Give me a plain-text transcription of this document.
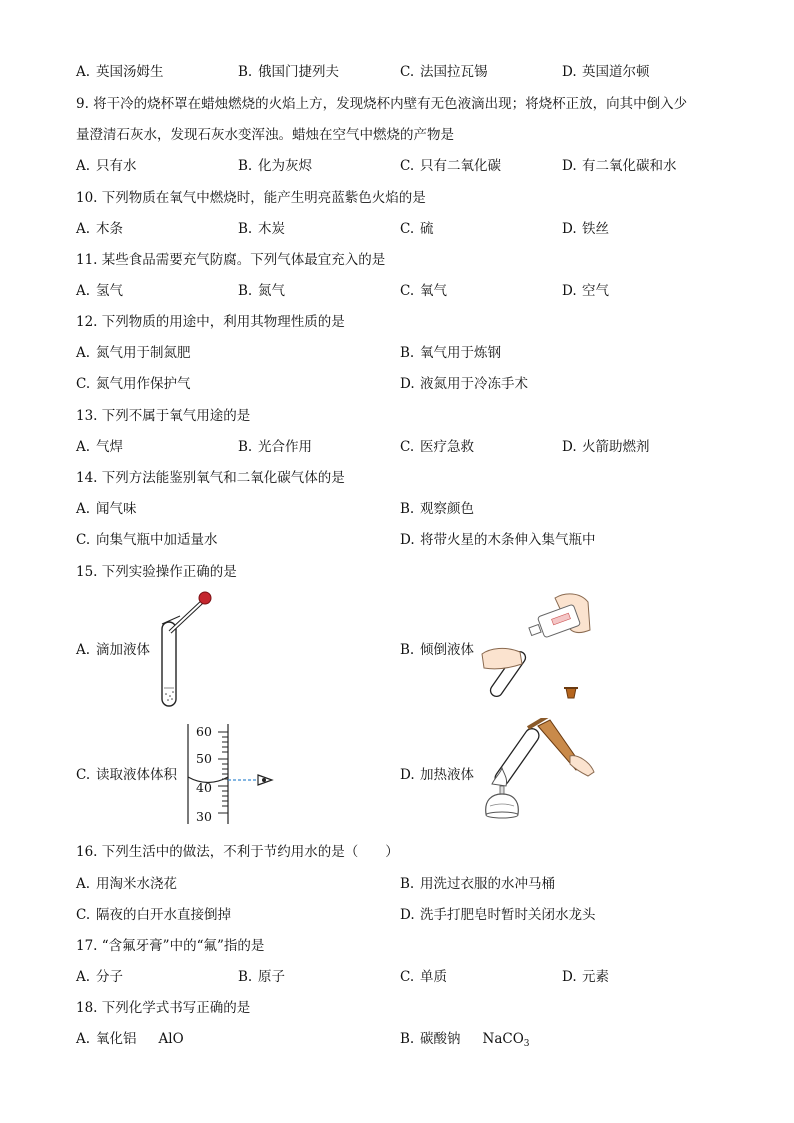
A. 英国汤姆生	B. 俄国门捷列夫	C. 法国拉瓦锡	D. 英国道尔顿
9. 将干冷的烧杯罩在蜡烛燃烧的火焰上方，发现烧杯内壁有无色液滴出现；将烧杯正放，向其中倒入少
量澄清石灰水，发现石灰水变浑浊。蜡烛在空气中燃烧的产物是
A. 只有水	B. 化为灰烬	C. 只有二氧化碳	D. 有二氧化碳和水
10. 下列物质在氧气中燃烧时，能产生明亮蓝紫色火焰的是
A. 木条	B. 木炭	C. 硫	D. 铁丝
11. 某些食品需要充气防腐。下列气体最宜充入的是
A. 氢气	B. 氮气	C. 氧气	D. 空气
12. 下列物质的用途中，利用其物理性质的是
A. 氮气用于制氮肥	B. 氧气用于炼钢
C. 氮气用作保护气	D. 液氮用于冷冻手术
13. 下列不属于氧气用途的是
A. 气焊	B. 光合作用	C. 医疗急救	D. 火箭助燃剂
14. 下列方法能鉴别氧气和二氧化碳气体的是
A. 闻气味	B. 观察颜色
C. 向集气瓶中加适量水	D. 将带火星的木条伸入集气瓶中
15. 下列实验操作正确的是
A. 滴加液体	B. 倾倒液体
C. 读取液体体积
60
50
40
30
D. 加热液体
16. 下列生活中的做法，不利于节约用水的是（　　）
A. 用淘米水浇花	B. 用洗过衣服的水冲马桶
C. 隔夜的白开水直接倒掉	D. 洗手打肥皂时暂时关闭水龙头
17. “含氟牙膏”中的“氟”指的是
A. 分子	B. 原子	C. 单质	D. 元素
18. 下列化学式书写正确的是
A. 氧化铝 AlO	B. 碳酸钠 NaCO$_3$
